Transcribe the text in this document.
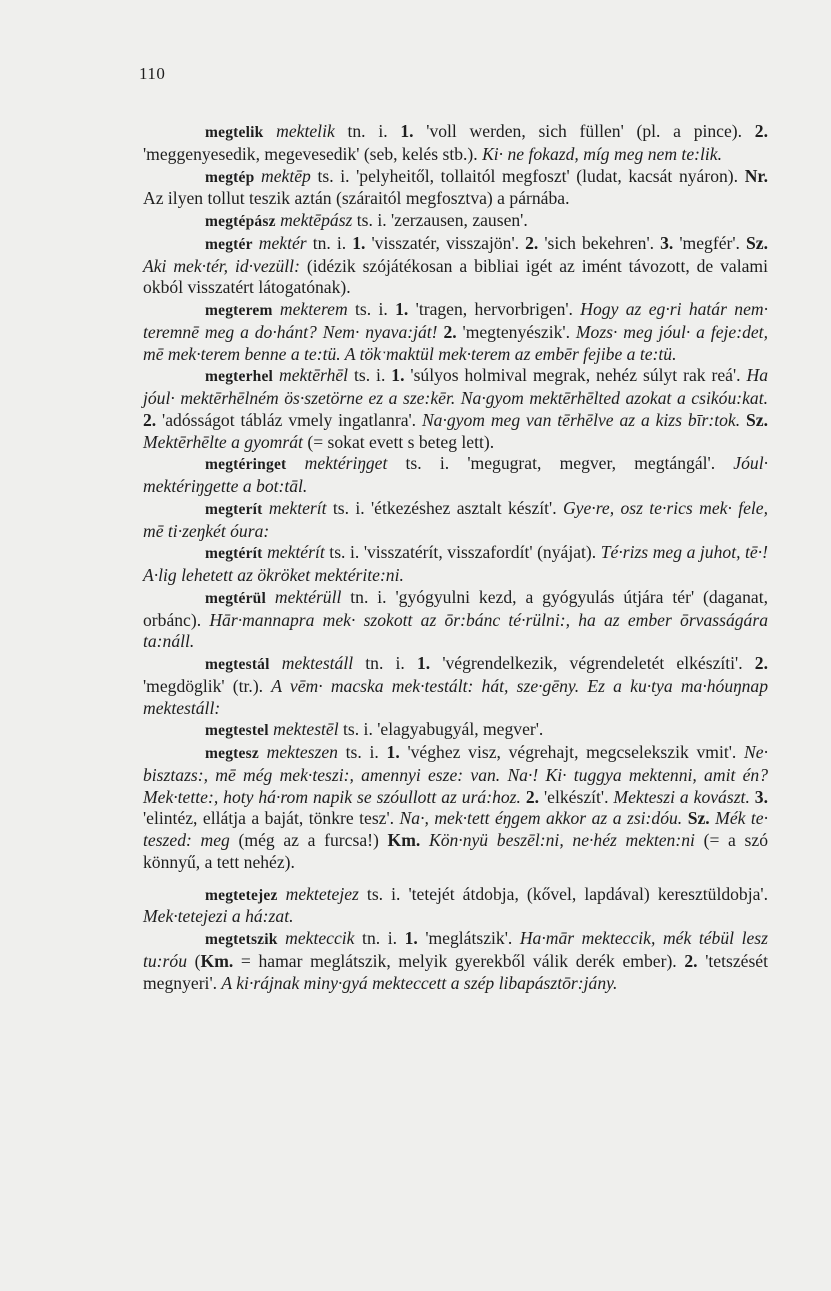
110

megtelik mektelik tn. i. 1. 'voll werden, sich füllen' (pl. a pince). 2. 'meggenyesedik, megevesedik' (seb, kelés stb.). Ki· ne fokazd, míg meg nem te:lik.

megtép mektēp ts. i. 'pelyheitől, tollaitól megfoszt' (ludat, kacsát nyáron). Nr. Az ilyen tollut teszik aztán (száraitól megfosztva) a párnába.

megtépász mektēpász ts. i. 'zerzausen, zausen'.

megtér mektér tn. i. 1. 'visszatér, visszajön'. 2. 'sich bekehren'. 3. 'megfér'. Sz. Aki mek·tér, id·vezüll: (idézik szójátékosan a bibliai igét az imént távozott, de valami okból visszatért látogatónak).

megterem mekterem ts. i. 1. 'tragen, hervorbrigen'. Hogy az eg·ri határ nem· teremnē meg a do·hánt? Nem· nyava:ját! 2. 'megtenyészik'. Mozs· meg jóul· a feje:det, mē mek·terem benne a te:tü. A tökˑmaktül mek·terem az embēr fejibe a te:tü.

megterhel mektērhēl ts. i. 1. 'súlyos holmival megrak, nehéz súlyt rak reá'. Ha jóul· mektērhēlném ös·szetörne ez a sze:kēr. Na·gyom mektērhēlted azokat a csikóu:kat. 2. 'adósságot tábláz vmely ingatlanra'. Na·gyom meg van tērhēlve az a kizs bīr:tok. Sz. Mektērhēlte a gyomrát (= sokat evett s beteg lett).

megtéringet mektériŋget ts. i. 'megugrat, megver, megtángál'. Jóul· mektériŋgette a bot:tāl.

megterít mekterít ts. i. 'étkezéshez asztalt készít'. Gye·re, osz te·rics mek· fele, mē ti·zeŋkét óura:

megtérít mektérít ts. i. 'visszatérít, visszafordít' (nyájat). Té·rizs meg a juhot, tē·! A·lig lehetett az ökröket mektérite:ni.

megtérül mektérüll tn. i. 'gyógyulni kezd, a gyógyulás útjára tér' (daganat, orbánc). Hār·mannapra mek· szokott az ōr:bánc té·rülni:, ha az ember ōrvasságára ta:náll.

megtestál mektestáll tn. i. 1. 'végrendelkezik, végrendeletét elkészíti'. 2. 'megdöglik' (tr.). A vēm· macska mek·testált: hát, sze·gēny. Ez a ku·tya ma·hóuŋnap mektestáll:

megtestel mektestēl ts. i. 'elagyabugyál, megver'.

megtesz mekteszen ts. i. 1. 'véghez visz, végrehajt, megcselekszik vmit'. Ne· bisztazs:, mē még mek·teszi:, amennyi esze: van. Na·! Ki· tuggya mektenni, amit én? Mek·tette:, hoty há·rom napik se szóullott az urá:hoz. 2. 'elkészít'. Mekteszi a kovászt. 3. 'elintéz, ellátja a baját, tönkre tesz'. Na·, mek·tett éŋgem akkor az a zsi:dóu. Sz. Mék te· teszed: meg (még az a furcsa!) Km. Kön·nyü beszēl:ni, ne·héz mekten:ni (= a szó könnyű, a tett nehéz).

megtetejez mektetejez ts. i. 'tetejét átdobja, (kővel, lapdával) keresztüldobja'. Mek·tetejezi a há:zat.

megtetszik mekteccik tn. i. 1. 'meglátszik'. Ha·mār mekteccik, mék tébül lesz tu:róu (Km. = hamar meglátszik, melyik gyerekből válik derék ember). 2. 'tetszését megnyeri'. A ki·rájnak miny·gyá mekteccett a szép libapásztōr:jány.
